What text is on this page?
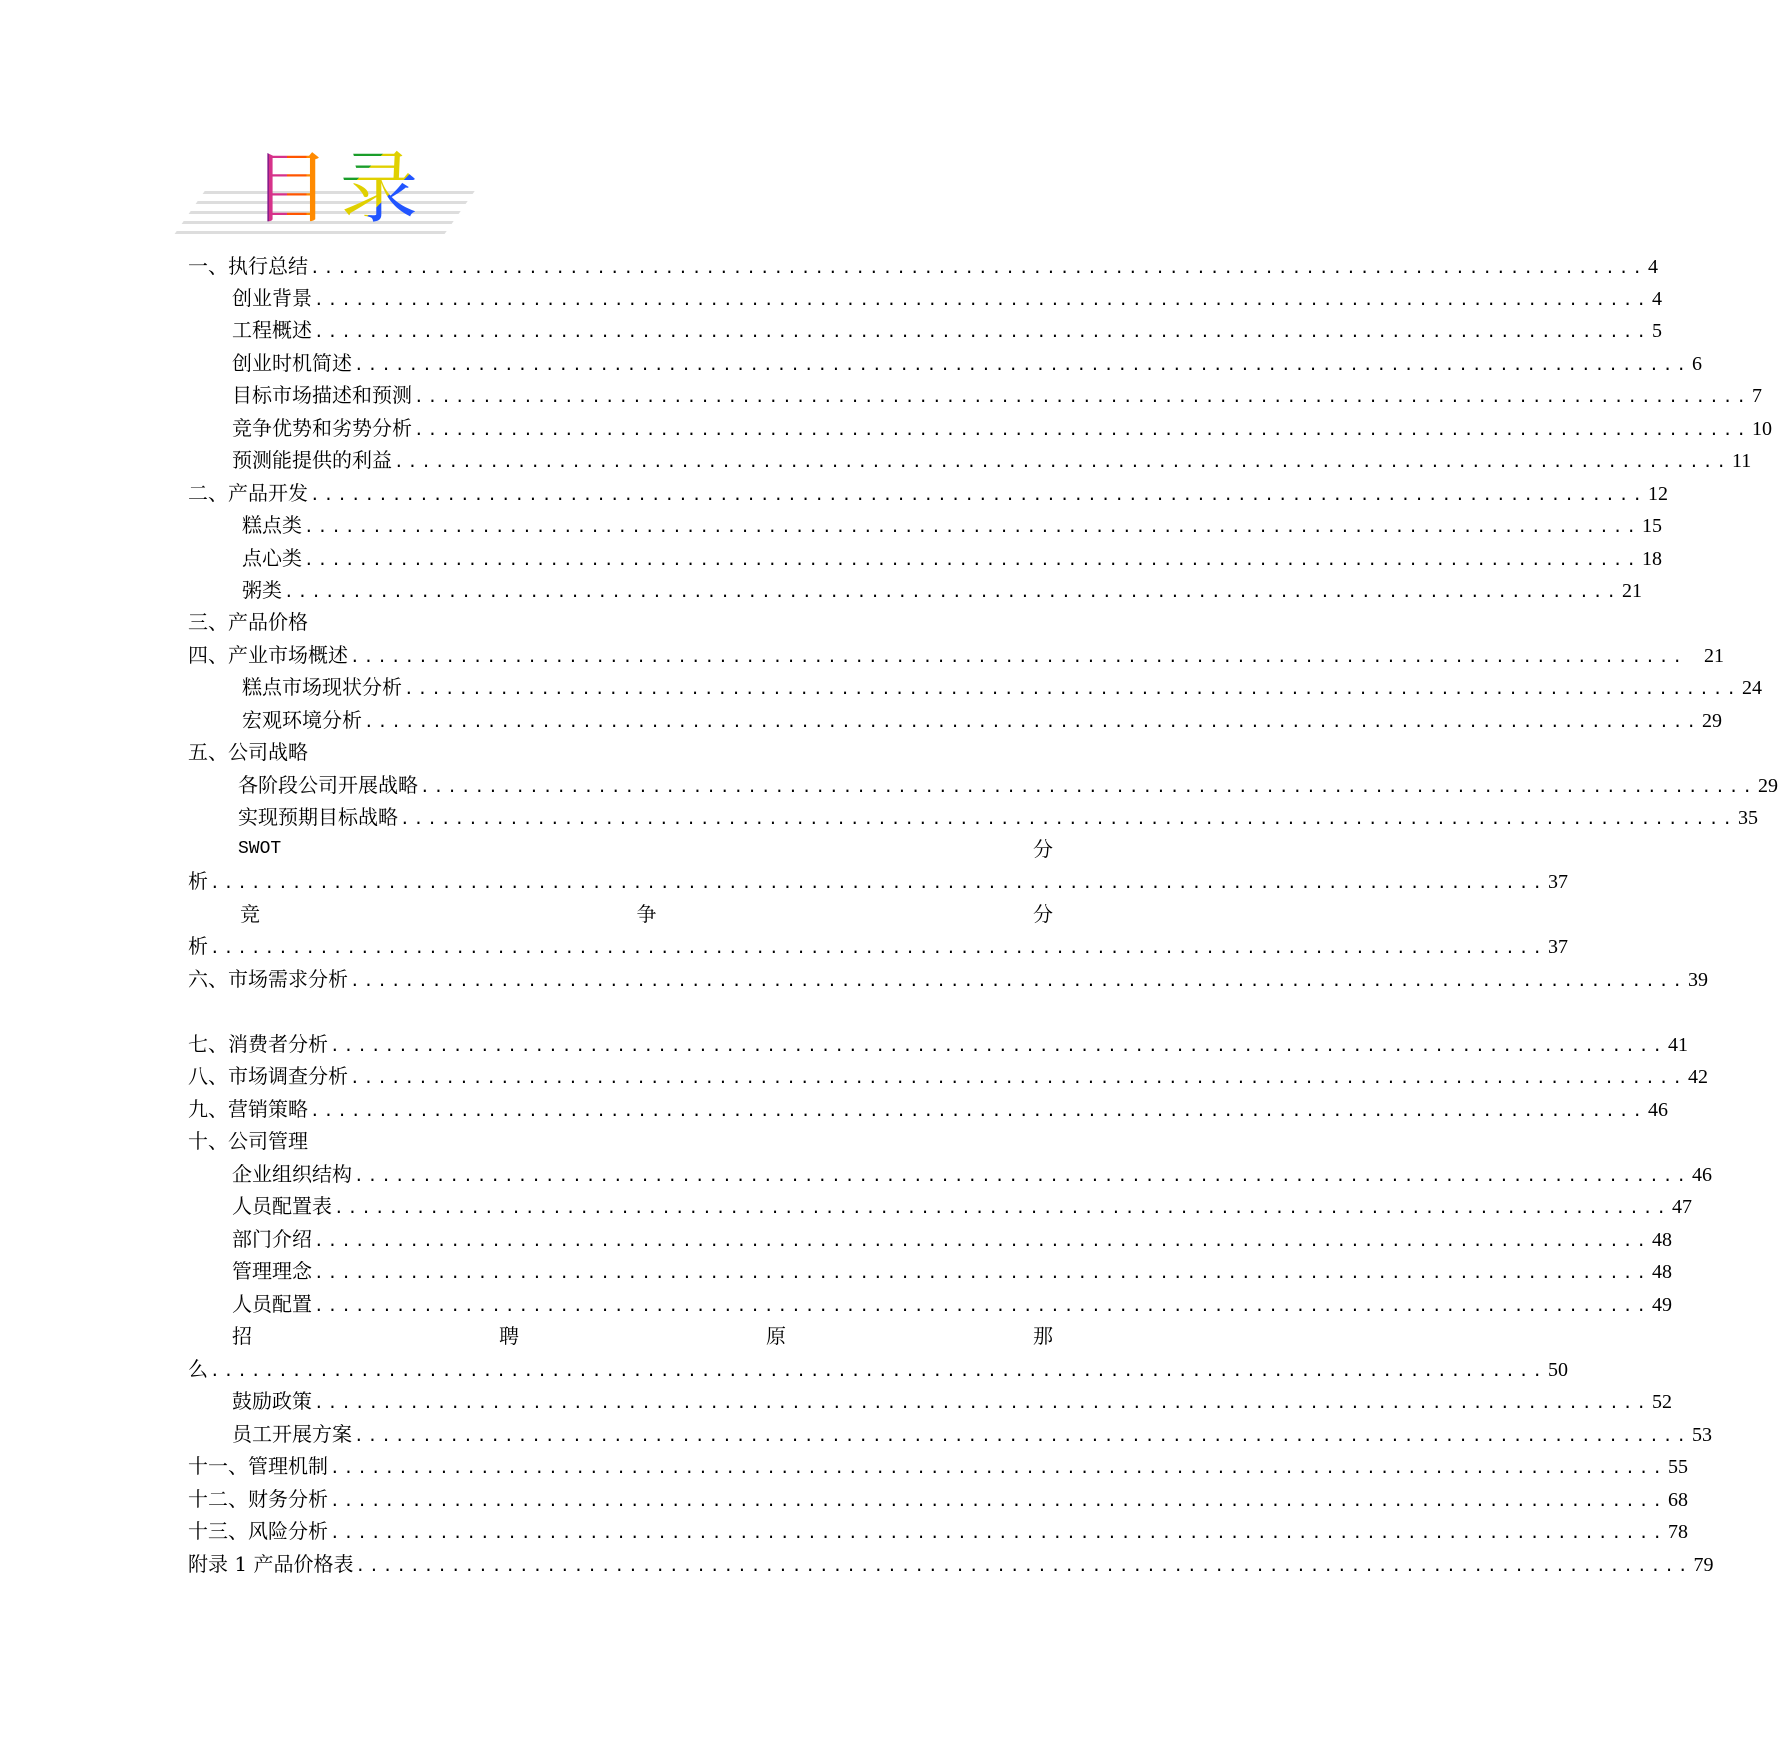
目 录
一、执行总结 .................................................................................................. 4
创业背景 .................................................................................................. 4
工程概述 .................................................................................................. 5
创业时机简述 .................................................................................................. 6
目标市场描述和预测 .................................................................................................. 7
竞争优势和劣势分析 .................................................................................................. 10
预测能提供的利益 .................................................................................................. 11
二、产品开发 .................................................................................................. 12
糕点类 .................................................................................................. 15
点心类 .................................................................................................. 18
粥类 .................................................................................................. 21
三、产品价格
四、产业市场概述 .................................................................................................. 21
糕点市场现状分析 .................................................................................................. 24
宏观环境分析 .................................................................................................. 29
五、公司战略
各阶段公司开展战略 .................................................................................................. 29
实现预期目标战略 .................................................................................................. 35
SWOT	分
析 .................................................................................................. 37
竞	争	分
析 .................................................................................................. 37
六、市场需求分析 .................................................................................................. 39
七、消费者分析 .................................................................................................. 41
八、市场调查分析 .................................................................................................. 42
九、营销策略 .................................................................................................. 46
十、公司管理
企业组织结构 .................................................................................................. 46
人员配置表 .................................................................................................. 47
部门介绍 .................................................................................................. 48
管理理念 .................................................................................................. 48
人员配置 .................................................................................................. 49
招	聘	原	那
么 .................................................................................................. 50
鼓励政策 .................................................................................................. 52
员工开展方案 .................................................................................................. 53
十一、管理机制 .................................................................................................. 55
十二、财务分析 .................................................................................................. 68
十三、风险分析 .................................................................................................. 78
附录 1 产品价格表 .................................................................................................. 79
